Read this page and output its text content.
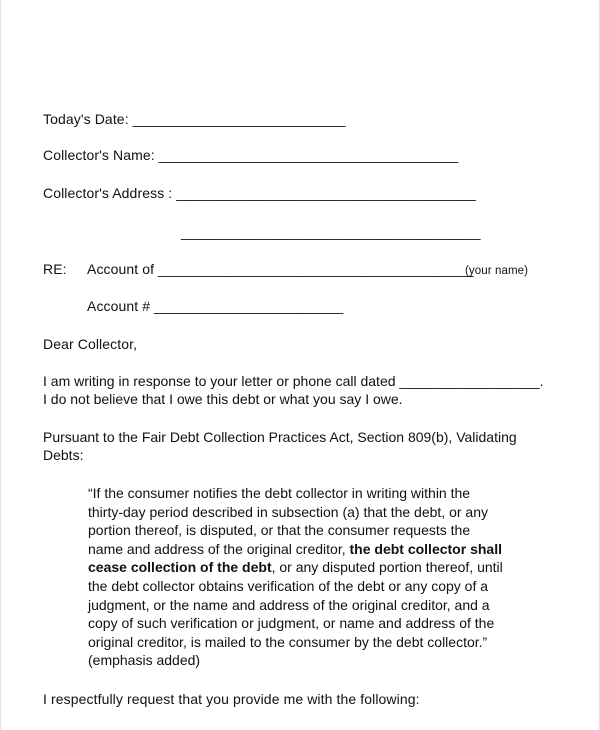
Today's Date: ___________________________
Collector's Name: ______________________________________
Collector's Address : ______________________________________
______________________________________
RE: Account of ________________________________________
(your name)
Account # ________________________
Dear Collector,
I am writing in response to your letter or phone call dated __________________.
I do not believe that I owe this debt or what you say I owe.
Pursuant to the Fair Debt Collection Practices Act, Section 809(b), Validating
Debts:
“If the consumer notifies the debt collector in writing within the
thirty-day period described in subsection (a) that the debt, or any
portion thereof, is disputed, or that the consumer requests the
name and address of the original creditor, the debt collector shall
cease collection of the debt, or any disputed portion thereof, until
the debt collector obtains verification of the debt or any copy of a
judgment, or the name and address of the original creditor, and a
copy of such verification or judgment, or name and address of the
original creditor, is mailed to the consumer by the debt collector.”
(emphasis added)
I respectfully request that you provide me with the following:
